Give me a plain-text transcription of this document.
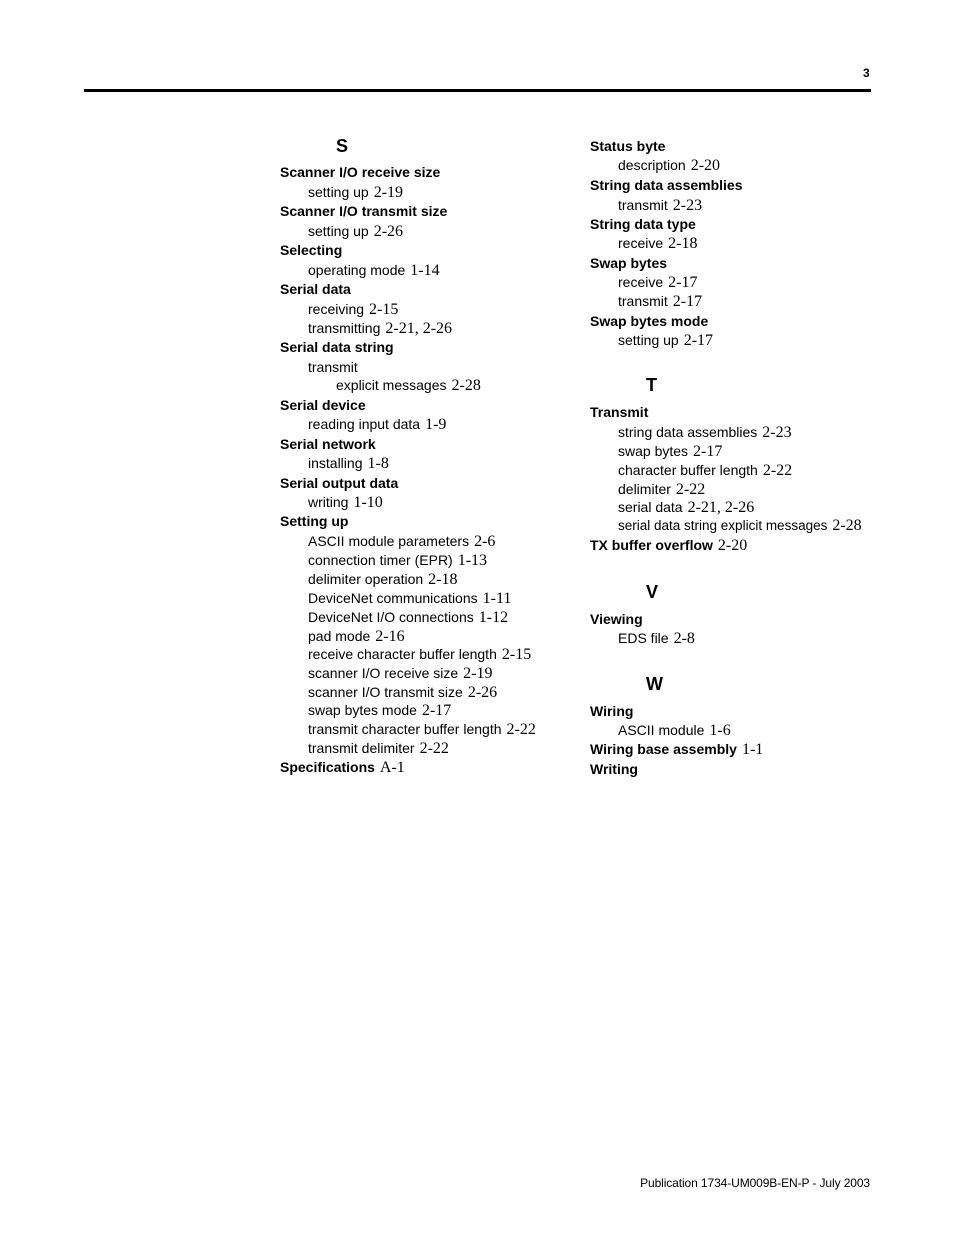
3
S
Scanner I/O receive size
setting up 2-19
Scanner I/O transmit size
setting up 2-26
Selecting
operating mode 1-14
Serial data
receiving 2-15
transmitting 2-21, 2-26
Serial data string
transmit
explicit messages 2-28
Serial device
reading input data 1-9
Serial network
installing 1-8
Serial output data
writing 1-10
Setting up
ASCII module parameters 2-6
connection timer (EPR) 1-13
delimiter operation 2-18
DeviceNet communications 1-11
DeviceNet I/O connections 1-12
pad mode 2-16
receive character buffer length 2-15
scanner I/O receive size 2-19
scanner I/O transmit size 2-26
swap bytes mode 2-17
transmit character buffer length 2-22
transmit delimiter 2-22
Specifications A-1
Status byte
description 2-20
String data assemblies
transmit 2-23
String data type
receive 2-18
Swap bytes
receive 2-17
transmit 2-17
Swap bytes mode
setting up 2-17
T
Transmit
string data assemblies 2-23
swap bytes 2-17
character buffer length 2-22
delimiter 2-22
serial data 2-21, 2-26
serial data string explicit messages 2-28
TX buffer overflow 2-20
V
Viewing
EDS file 2-8
W
Wiring
ASCII module 1-6
Wiring base assembly 1-1
Writing
Publication 1734-UM009B-EN-P - July 2003
